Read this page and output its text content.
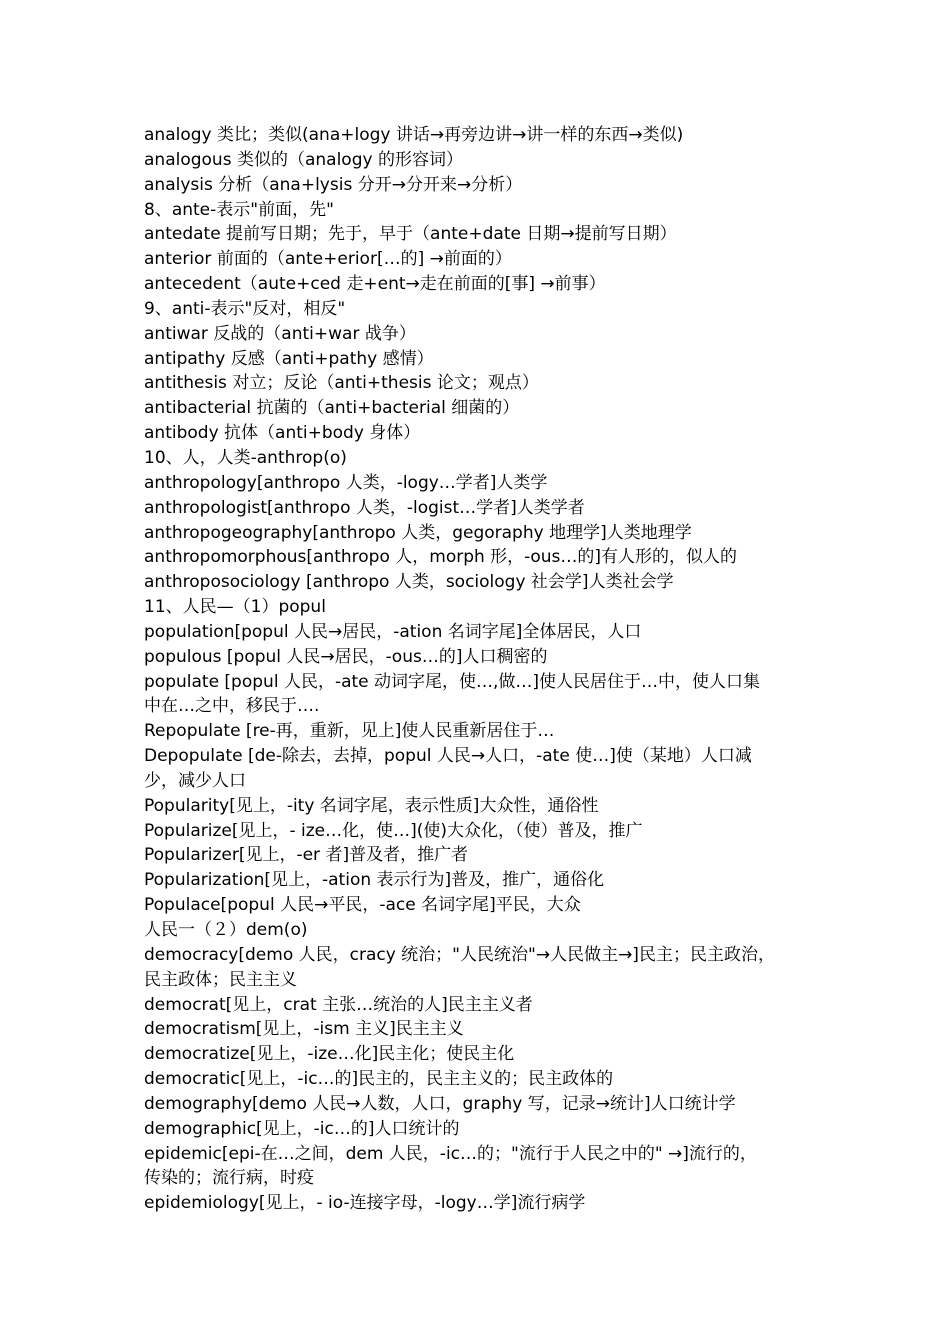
analogy 类比；类似(ana+logy 讲话→再旁边讲→讲一样的东西→类似)
analogous 类似的（analogy 的形容词）
analysis 分析（ana+lysis 分开→分开来→分析）
8、ante-表示"前面，先"
antedate 提前写日期；先于，早于（ante+date 日期→提前写日期）
anterior 前面的（ante+erior[…的] →前面的）
antecedent（aute+ced 走+ent→走在前面的[事] →前事）
9、anti-表示"反对，相反"
antiwar 反战的（anti+war 战争）
antipathy 反感（anti+pathy 感情）
antithesis 对立；反论（anti+thesis 论文；观点）
antibacterial 抗菌的（anti+bacterial 细菌的）
antibody 抗体（anti+body 身体）
10、人，人类-anthrop(o)
anthropology[anthropo 人类，-logy…学者]人类学
anthropologist[anthropo 人类，-logist…学者]人类学者
anthropogeography[anthropo 人类，gegoraphy 地理学]人类地理学
anthropomorphous[anthropo 人，morph 形，-ous…的]有人形的，似人的
anthroposociology [anthropo 人类，sociology 社会学]人类社会学
11、人民—（1）popul
population[popul 人民→居民，-ation 名词字尾]全体居民，人口
populous [popul 人民→居民，-ous…的]人口稠密的
populate [popul 人民，-ate 动词字尾，使…,做…]使人民居住于…中，使人口集
中在…之中，移民于….
Repopulate [re-再，重新，见上]使人民重新居住于…
Depopulate [de-除去，去掉，popul 人民→人口，-ate 使…]使（某地）人口减
少，减少人口
Popularity[见上，-ity 名词字尾，表示性质]大众性，通俗性
Popularize[见上，- ize…化，使…](使)大众化，（使）普及，推广
Popularizer[见上，-er 者]普及者，推广者
Popularization[见上，-ation 表示行为]普及，推广，通俗化
Populace[popul 人民→平民，-ace 名词字尾]平民，大众
人民一（２）dem(o)
democracy[demo 人民，cracy 统治；"人民统治"→人民做主→]民主；民主政治，
民主政体；民主主义
democrat[见上，crat 主张…统治的人]民主主义者
democratism[见上，-ism 主义]民主主义
democratize[见上，-ize…化]民主化；使民主化
democratic[见上，-ic…的]民主的，民主主义的；民主政体的
demography[demo 人民→人数，人口，graphy 写，记录→统计]人口统计学
demographic[见上，-ic…的]人口统计的
epidemic[epi-在…之间，dem 人民，-ic…的；"流行于人民之中的" →]流行的，
传染的；流行病，时疫
epidemiology[见上，- io-连接字母，-logy…学]流行病学
